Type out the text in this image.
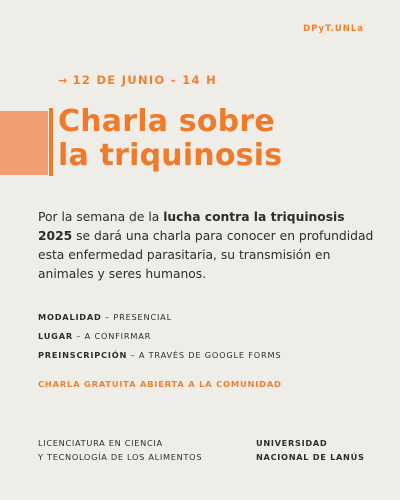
DPyT.UNLa
→ 12 DE JUNIO - 14 H
Charla sobre
la triquinosis

Por la semana de la lucha contra la triquinosis 2025 se dará una charla para conocer en profundidad esta enfermedad parasitaria, su transmisión en animales y seres humanos.

MODALIDAD – PRESENCIAL
LUGAR – A CONFIRMAR
PREINSCRIPCIÓN – A TRAVÉS DE GOOGLE FORMS
CHARLA GRATUITA ABIERTA A LA COMUNIDAD
LICENCIATURA EN CIENCIA
Y TECNOLOGÍA DE LOS ALIMENTOS
UNIVERSIDAD
NACIONAL DE LANÚS
